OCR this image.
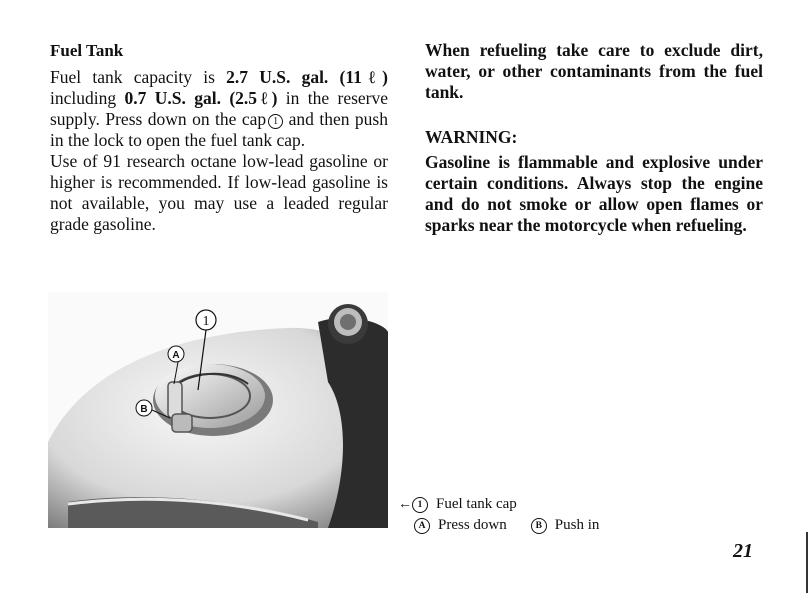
Fuel Tank

Fuel tank capacity is 2.7 U.S. gal. (11ℓ) including 0.7 U.S. gal. (2.5ℓ) in the reserve supply. Press down on the cap 1 and then push in the lock to open the fuel tank cap.

Use of 91 research octane low-lead gasoline or higher is recommended. If low-lead gasoline is not available, you may use a leaded regular grade gasoline.

When refueling take care to exclude dirt, water, or other contaminants from the fuel tank.

WARNING:

Gasoline is flammable and explosive under certain conditions. Always stop the engine and do not smoke or allow open flames or sparks near the motorcycle when refueling.

1
A
B
← 1 Fuel tank cap
A Press down	B Push in
21
